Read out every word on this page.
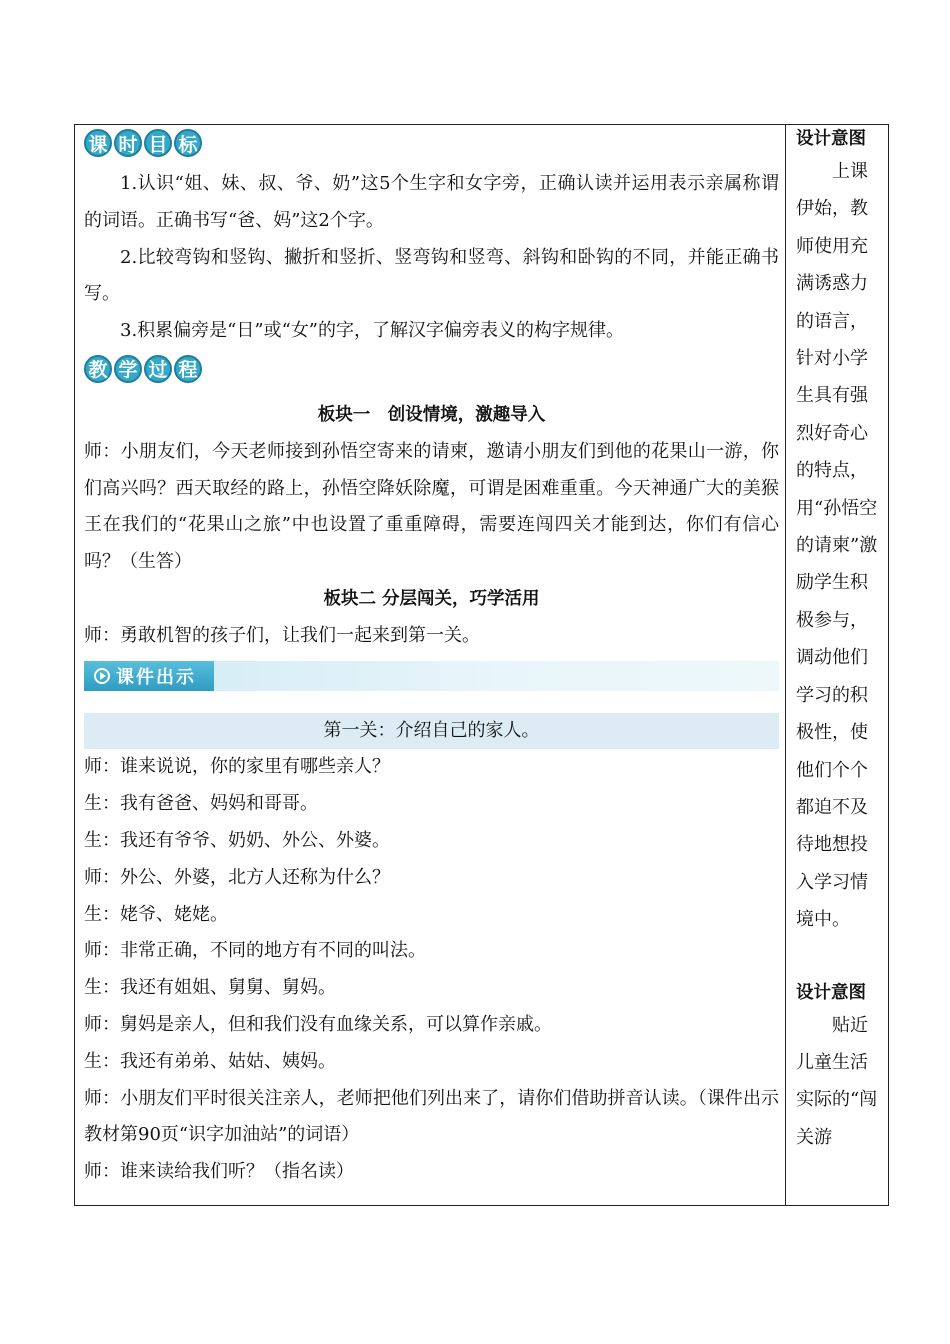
课 时 目 标

1.认识“姐、妹、叔、爷、奶”这5个生字和女字旁，正确认读并运用表示亲属称谓的词语。正确书写“爸、妈”这2个字。

2.比较弯钩和竖钩、撇折和竖折、竖弯钩和竖弯、斜钩和卧钩的不同，并能正确书写。

3.积累偏旁是“日”或“女”的字，了解汉字偏旁表义的构字规律。

教 学 过 程

板块一　创设情境，激趣导入

师：小朋友们，今天老师接到孙悟空寄来的请柬，邀请小朋友们到他的花果山一游，你们高兴吗？西天取经的路上，孙悟空降妖除魔，可谓是困难重重。今天神通广大的美猴王在我们的“花果山之旅”中也设置了重重障碍，需要连闯四关才能到达，你们有信心吗？（生答）

板块二 分层闯关，巧学活用

师：勇敢机智的孩子们，让我们一起来到第一关。

课件出示

第一关：介绍自己的家人。

师：谁来说说，你的家里有哪些亲人？

生：我有爸爸、妈妈和哥哥。

生：我还有爷爷、奶奶、外公、外婆。

师：外公、外婆，北方人还称为什么？

生：姥爷、姥姥。

师：非常正确，不同的地方有不同的叫法。

生：我还有姐姐、舅舅、舅妈。

师：舅妈是亲人，但和我们没有血缘关系，可以算作亲戚。

生：我还有弟弟、姑姑、姨妈。

师：小朋友们平时很关注亲人，老师把他们列出来了，请你们借助拼音认读。（课件出示教材第90页“识字加油站”的词语）

师：谁来读给我们听？（指名读）

设计意图
上课伊始，教师使用充满诱惑力的语言，针对小学生具有强烈好奇心的特点，用“孙悟空的请柬”激励学生积极参与，调动他们学习的积极性，使他们个个都迫不及待地想投入学习情境中。
设计意图
贴近儿童生活实际的“闯关游
